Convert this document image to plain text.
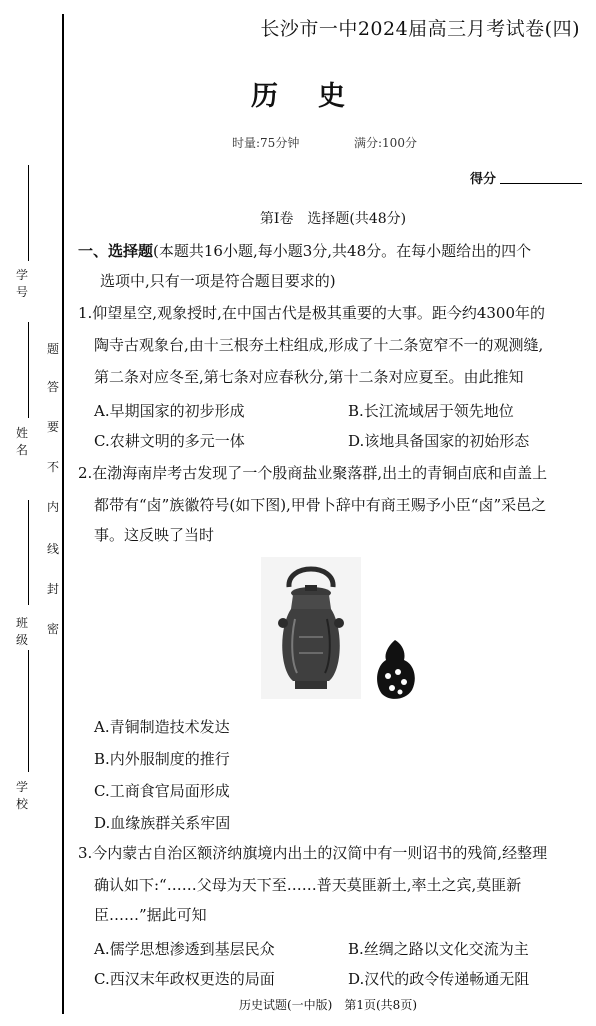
学号
姓名
班级
学校
题
答
要
不
内
线
封
密
长沙市一中2024届高三月考试卷(四)
历史
时量:75分钟	满分:100分
得分
第Ⅰ卷　选择题(共48分)
一、选择题(本题共16小题,每小题3分,共48分。在每小题给出的四个
选项中,只有一项是符合题目要求的)
1.仰望星空,观象授时,在中国古代是极其重要的大事。距今约4300年的
陶寺古观象台,由十三根夯土柱组成,形成了十二条宽窄不一的观测缝,
第二条对应冬至,第七条对应春秋分,第十二条对应夏至。由此推知
A.早期国家的初步形成	B.长江流域居于领先地位
C.农耕文明的多元一体	D.该地具备国家的初始形态
2.在渤海南岸考古发现了一个殷商盐业聚落群,出土的青铜卣底和卣盖上
都带有“卤”族徽符号(如下图),甲骨卜辞中有商王赐予小臣“卤”采邑之
事。这反映了当时
A.青铜制造技术发达
B.内外服制度的推行
C.工商食官局面形成
D.血缘族群关系牢固
3.今内蒙古自治区额济纳旗境内出土的汉简中有一则诏书的残简,经整理
确认如下:“……父母为天下至……普天莫匪新土,率土之宾,莫匪新
臣……”据此可知
A.儒学思想渗透到基层民众	B.丝绸之路以文化交流为主
C.西汉末年政权更迭的局面	D.汉代的政令传递畅通无阻
历史试题(一中版)　第1页(共8页)
